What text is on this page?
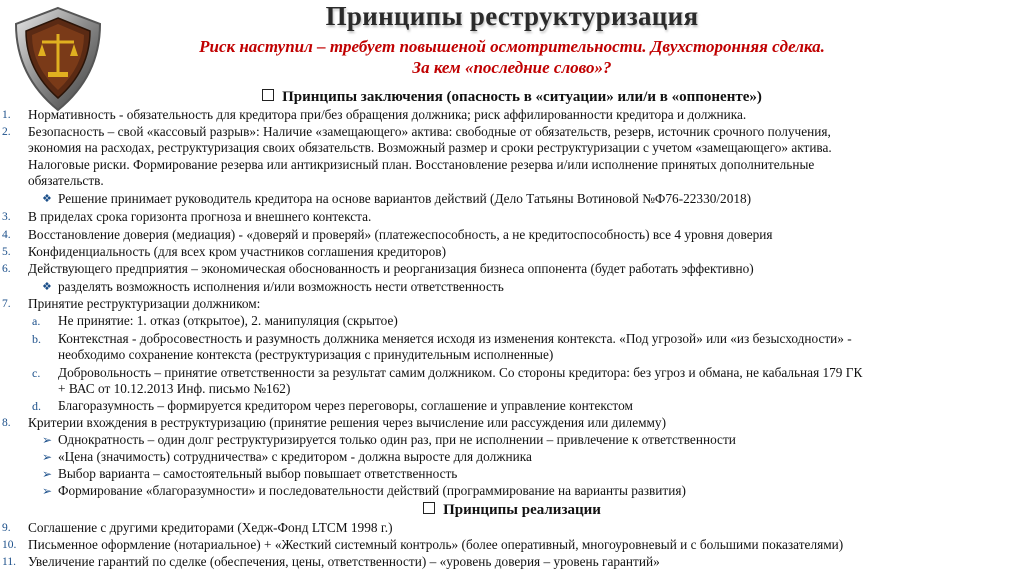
Принципы реструктуризация
Риск наступил – требует повышеной осмотрительности. Двухсторонняя сделка.
За кем «последние слово»?
Принципы заключения (опасность в «ситуации» или/и в «оппоненте»)
1. Нормативность - обязательность для кредитора при/без обращения должника; риск аффилированности кредитора и должника.
2. Безопасность – свой «кассовый разрыв»: Наличие «замещающего» актива: свободные от обязательств, резерв, источник срочного получения,
экономия на расходах, реструктуризация своих обязательств. Возможный размер и сроки реструктуризации с учетом «замещающего» актива.
Налоговые риски. Формирование резерва или антикризисный план. Восстановление резерва и/или исполнение принятых дополнительные
обязательств.
❖ Решение принимает руководитель кредитора на основе вариантов действий (Дело Татьяны Вотиновой №Ф76-22330/2018)
3. В приделах срока горизонта прогноза и внешнего контекста.
4. Восстановление доверия (медиация) - «доверяй и проверяй» (платежеспособность, а не кредитоспособность) все 4 уровня доверия
5. Конфиденциальность (для всех кром участников соглашения кредиторов)
6. Действующего предприятия – экономическая обоснованность и реорганизация бизнеса оппонента (будет работать эффективно)
❖ разделять возможность исполнения и/или возможность нести ответственность
7. Принятие реструктуризации должником:
a. Не принятие: 1. отказ (открытое), 2. манипуляция (скрытое)
b. Контекстная - добросовестность и разумность должника меняется исходя из изменения контекста. «Под угрозой» или «из безысходности» -
необходимо сохранение контекста (реструктуризация с принудительным исполненные)
c. Добровольность – принятие ответственности за результат самим должником. Со стороны кредитора: без угроз и обмана, не кабальная 179 ГК
+ ВАС от 10.12.2013 Инф. письмо №162)
d. Благоразумность – формируется кредитором через переговоры, соглашение и управление контекстом
8. Критерии вхождения в реструктуризацию (принятие решения через вычисление или рассуждения или дилемму)
➢ Однократность – один долг реструктуризируется только один раз, при не исполнении – привлечение к ответственности
➢ «Цена (значимость) сотрудничества» с кредитором - должна выросте для должника
➢ Выбор варианта – самостоятельный выбор повышает ответственность
➢ Формирование «благоразумности» и последовательности действий (программирование на варианты развития)
Принципы реализации
9. Соглашение с другими кредиторами (Хедж-Фонд LTCM 1998 г.)
10. Письменное оформление (нотариальное) + «Жесткий системный контроль» (более оперативный, многоуровневый и с большими показателями)
11. Увеличение гарантий по сделке (обеспечения, цены, ответственности) – «уровень доверия – уровень гарантий»
